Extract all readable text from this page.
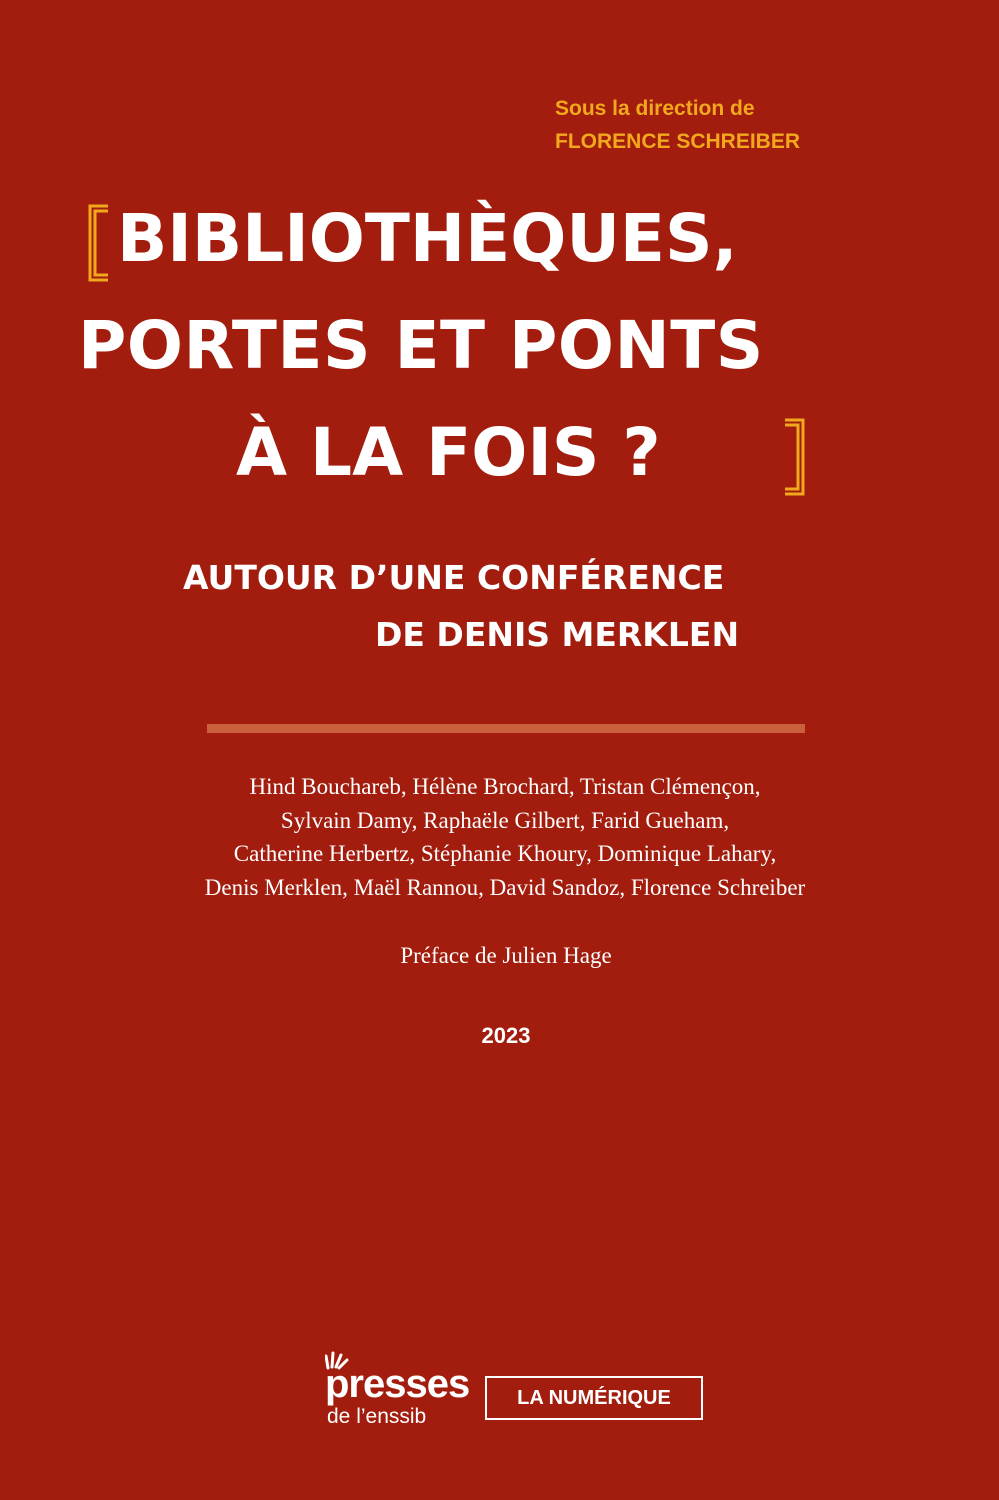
Sous la direction de
FLORENCE SCHREIBER
BIBLIOTHÈQUES,
PORTES ET PONTS
À LA FOIS ?
AUTOUR D’UNE CONFÉRENCE
DE DENIS MERKLEN
Hind Bouchareb, Hélène Brochard, Tristan Clémençon,
Sylvain Damy, Raphaële Gilbert, Farid Gueham,
Catherine Herbertz, Stéphanie Khoury, Dominique Lahary,
Denis Merklen, Maël Rannou, David Sandoz, Florence Schreiber
Préface de Julien Hage
2023
presses
de l’enssib
LA NUMÉRIQUE
